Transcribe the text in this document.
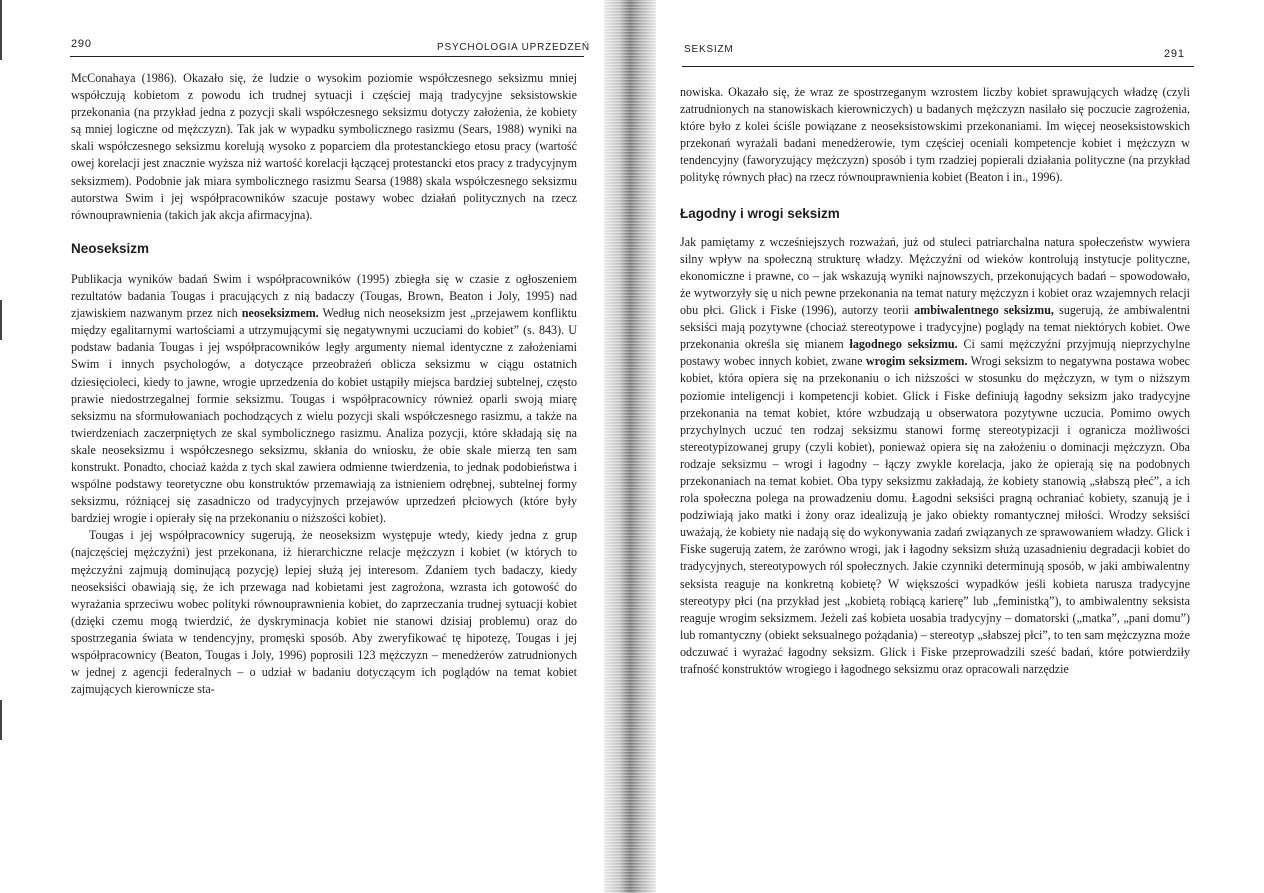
290	PSYCHOLOGIA UPRZEDZEŃ

McConahaya (1986). Okazało się, że ludzie o wysokim poziomie współczesnego seksizmu mniej współczują kobietom z powodu ich trudnej sytuacji i częściej mają tradycyjne seksistowskie przekonania (na przykład jedna z pozycji skali współczesnego seksizmu dotyczy założenia, że kobiety są mniej logiczne od mężczyzn). Tak jak w wypadku symbolicznego rasizmu (Sears, 1988) wyniki na skali współczesnego seksizmu korelują wysoko z poparciem dla protestanckiego etosu pracy (wartość owej korelacji jest znacznie wyższa niż wartość korelacji łączącej protestancki etos pracy z tradycyjnym seksizmem). Podobnie jak miara symbolicznego rasizmu Searsa (1988) skala współczesnego seksizmu autorstwa Swim i jej współpracowników szacuje postawy wobec działań politycznych na rzecz równouprawnienia (takich jak akcja afirmacyjna).

Neoseksizm

Publikacja wyników badań Swim i współpracowników (1995) zbiegła się w czasie z ogłoszeniem rezultatów badania Tougas i pracujących z nią badaczy (Tougas, Brown, Beaton i Joly, 1995) nad zjawiskiem nazwanym przez nich neoseksizmem. Według nich neoseksizm jest „przejawem konfliktu między egalitarnymi wartościami a utrzymującymi się negatywnymi uczuciami do kobiet” (s. 843). U podstaw badania Tougas i jej współpracowników legły argumenty niemal identyczne z założeniami Swim i innych psychologów, a dotyczące przeobrażeń oblicza seksizmu w ciągu ostatnich dziesięcioleci, kiedy to jawne, wrogie uprzedzenia do kobiet ustąpiły miejsca bardziej subtelnej, często prawie niedostrzegalnej formie seksizmu. Tougas i współpracownicy również oparli swoją miarę seksizmu na sformułowaniach pochodzących z wielu pozycji skali współczesnego rasizmu, a także na twierdzeniach zaczerpniętych ze skal symbolicznego rasizmu. Analiza pozycji, które składają się na skale neoseksizmu i współczesnego seksizmu, skłania do wniosku, że obie skale mierzą ten sam konstrukt. Ponadto, chociaż każda z tych skal zawiera odmienne twierdzenia, to jednak podobieństwa i wspólne podstawy teoretyczne obu konstruktów przemawiają za istnieniem odrębnej, subtelnej formy seksizmu, różniącej się zasadniczo od tradycyjnych przejawów uprzedzeń płciowych (które były bardziej wrogie i opierały się na przekonaniu o niższości kobiet).

Tougas i jej współpracownicy sugerują, że neoseksizm występuje wtedy, kiedy jedna z grup (najczęściej mężczyźni) jest przekonana, iż hierarchiczne relacje mężczyzn i kobiet (w których to mężczyźni zajmują dominującą pozycję) lepiej służą jej interesom. Zdaniem tych badaczy, kiedy neoseksiści obawiają się, że ich przewaga nad kobietami jest zagrożona, wzrasta ich gotowość do wyrażania sprzeciwu wobec polityki równouprawnienia kobiet, do zaprzeczania trudnej sytuacji kobiet (dzięki czemu mogą twierdzić, że dyskryminacja kobiet nie stanowi dzisiaj problemu) oraz do spostrzegania świata w tendencyjny, promęski sposób. Aby zweryfikować tę hipotezę, Tougas i jej współpracownicy (Beaton, Tougas i Joly, 1996) poprosili 123 mężczyzn – menedżerów zatrudnionych w jednej z agencji federalnych – o udział w badaniu dotyczącym ich poglądów na temat kobiet zajmujących kierownicze sta-

SEKSIZM	291

nowiska. Okazało się, że wraz ze spostrzeganym wzrostem liczby kobiet sprawujących władzę (czyli zatrudnionych na stanowiskach kierowniczych) u badanych mężczyzn nasilało się poczucie zagrożenia, które było z kolei ściśle powiązane z neoseksistowskimi przekonaniami. Im więcej neoseksistowskich przekonań wyrażali badani menedżerowie, tym częściej oceniali kompetencje kobiet i mężczyzn w tendencyjny (faworyzujący mężczyzn) sposób i tym rzadziej popierali działania polityczne (na przykład politykę równych płac) na rzecz równouprawnienia kobiet (Beaton i in., 1996).

Łagodny i wrogi seksizm

Jak pamiętamy z wcześniejszych rozważań, już od stuleci patriarchalna natura społeczeństw wywiera silny wpływ na społeczną strukturę władzy. Mężczyźni od wieków kontrolują instytucje polityczne, ekonomiczne i prawne, co – jak wskazują wyniki najnowszych, przekonujących badań – spowodowało, że wytworzyły się u nich pewne przekonania na temat natury mężczyzn i kobiet oraz wzajemnych relacji obu płci. Glick i Fiske (1996), autorzy teorii ambiwalentnego seksizmu, sugerują, że ambiwalentni seksiści mają pozytywne (chociaż stereotypowe i tradycyjne) poglądy na temat niektórych kobiet. Owe przekonania określa się mianem łagodnego seksizmu. Ci sami mężczyźni przyjmują nieprzychylne postawy wobec innych kobiet, zwane wrogim seksizmem. Wrogi seksizm to negatywna postawa wobec kobiet, która opiera się na przekonaniu o ich niższości w stosunku do mężczyzn, w tym o niższym poziomie inteligencji i kompetencji kobiet. Glick i Fiske definiują łagodny seksizm jako tradycyjne przekonania na temat kobiet, które wzbudzają u obserwatora pozytywne uczucia. Pomimo owych przychylnych uczuć ten rodzaj seksizmu stanowi formę stereotypizacji i ogranicza możliwości stereotypizowanej grupy (czyli kobiet), ponieważ opiera się na założeniu o dominacji mężczyzn. Oba rodzaje seksizmu – wrogi i łagodny – łączy zwykle korelacja, jako że opierają się na podobnych przekonaniach na temat kobiet. Oba typy seksizmu zakładają, że kobiety stanowią „słabszą płeć”, a ich rola społeczna polega na prowadzeniu domu. Łagodni seksiści pragną ochraniać kobiety, szanują je i podziwiają jako matki i żony oraz idealizują je jako obiekty romantycznej miłości. Wrodzy seksiści uważają, że kobiety nie nadają się do wykonywania zadań związanych ze sprawowaniem władzy. Glick i Fiske sugerują zatem, że zarówno wrogi, jak i łagodny seksizm służą uzasadnieniu degradacji kobiet do tradycyjnych, stereotypowych ról społecznych. Jakie czynniki determinują sposób, w jaki ambiwalentny seksista reaguje na konkretną kobietę? W większości wypadków jeśli kobieta narusza tradycyjne stereotypy płci (na przykład jest „kobietą robiącą karierę” lub „feministką”), to ambiwalentny seksista reaguje wrogim seksizmem. Jeżeli zaś kobieta uosabia tradycyjny – domatorski („matka”, „pani domu”) lub romantyczny (obiekt seksualnego pożądania) – stereotyp „słabszej płci”, to ten sam mężczyzna może odczuwać i wyrażać łagodny seksizm. Glick i Fiske przeprowadzili sześć badań, które potwierdziły trafność konstruktów wrogiego i łagodnego seksizmu oraz opracowali narzędzie
